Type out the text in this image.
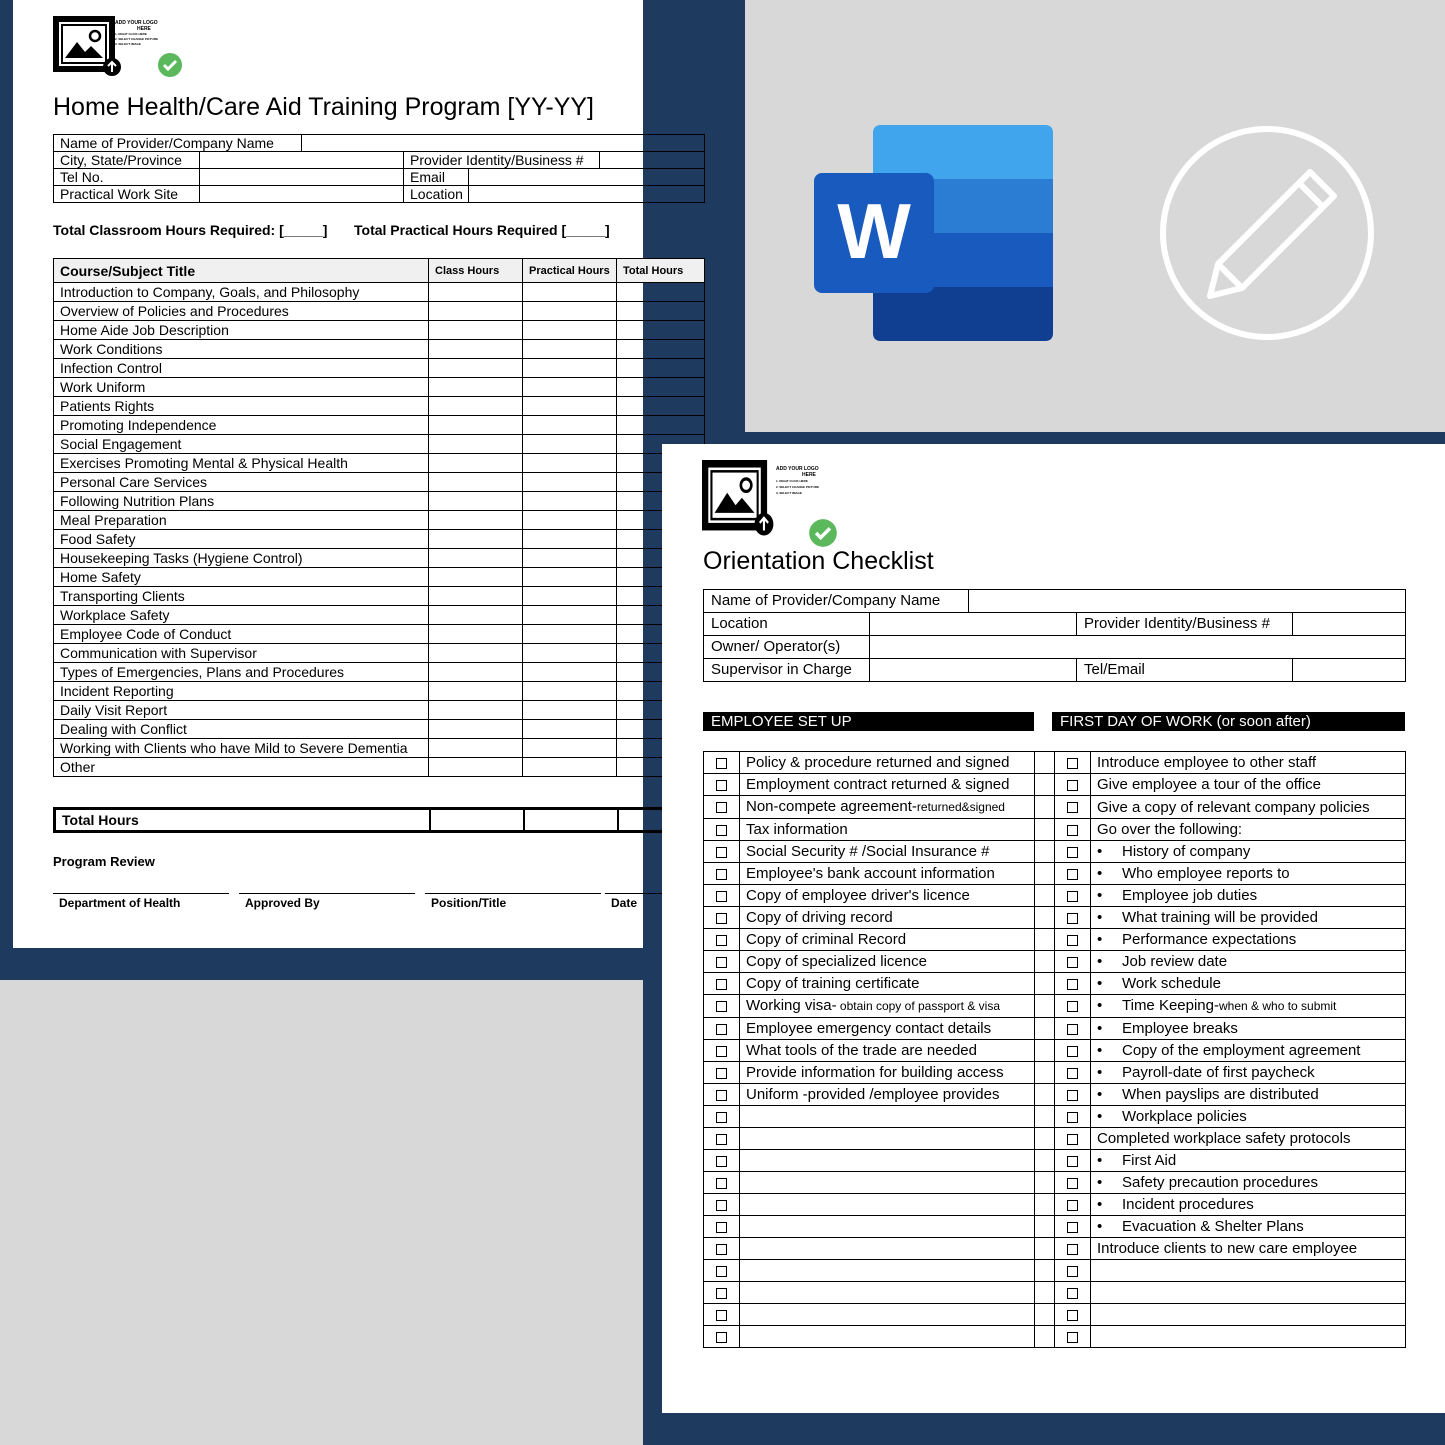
ADD YOUR LOGO
HERE
1. RIGHT CLICK HERE
2. SELECT CHANGE PICTURE
3. SELECT IMAGE
Home Health/Care Aid Training Program [YY-YY]
Name of Provider/Company Name					
City, State/Province			Provider Identity/Business #		
Tel No.			Email		
Practical Work Site			Location		
Total Classroom Hours Required: [_____] Total Practical Hours Required [_____]
Course/Subject Title	Class Hours	Practical Hours	Total Hours
Introduction to Company, Goals, and Philosophy			
Overview of Policies and Procedures			
Home Aide Job Description			
Work Conditions			
Infection Control			
Work Uniform			
Patients Rights			
Promoting Independence			
Social Engagement			
Exercises Promoting Mental & Physical Health			
Personal Care Services			
Following Nutrition Plans			
Meal Preparation			
Food Safety			
Housekeeping Tasks (Hygiene Control)			
Home Safety			
Transporting Clients			
Workplace Safety			
Employee Code of Conduct			
Communication with Supervisor			
Types of Emergencies, Plans and Procedures			
Incident Reporting			
Daily Visit Report			
Dealing with Conflict			
Working with Clients who have Mild to Severe Dementia			
Other			
Total Hours			
Program Review
Department of Health	Approved By	Position/Title	Date
W
ADD YOUR LOGO
HERE
1. RIGHT CLICK HERE
2. SELECT CHANGE PICTURE
3. SELECT IMAGE
Orientation Checklist
Name of Provider/Company Name				
Location			Provider Identity/Business #	
Owner/ Operator(s)				
Supervisor in Charge			Tel/Email	
EMPLOYEE SET UP	FIRST DAY OF WORK (or soon after)
	Policy & procedure returned and signed			Introduce employee to other staff
	Employment contract returned & signed			Give employee a tour of the office
	Non-compete agreement-returned&signed			Give a copy of relevant company policies
	Tax information			Go over the following:
	Social Security # /Social Insurance #			• History of company
	Employee's bank account information			• Who employee reports to
	Copy of employee driver's licence			• Employee job duties
	Copy of driving record			• What training will be provided
	Copy of criminal Record			• Performance expectations
	Copy of specialized licence			• Job review date
	Copy of training certificate			• Work schedule
	Working visa- obtain copy of passport & visa			• Time Keeping-when & who to submit
	Employee emergency contact details			• Employee breaks
	What tools of the trade are needed			• Copy of the employment agreement
	Provide information for building access			• Payroll-date of first paycheck
	Uniform -provided /employee provides			• When payslips are distributed
				• Workplace policies
				Completed workplace safety protocols
				• First Aid
				• Safety precaution procedures
				• Incident procedures
				• Evacuation & Shelter Plans
				Introduce clients to new care employee
